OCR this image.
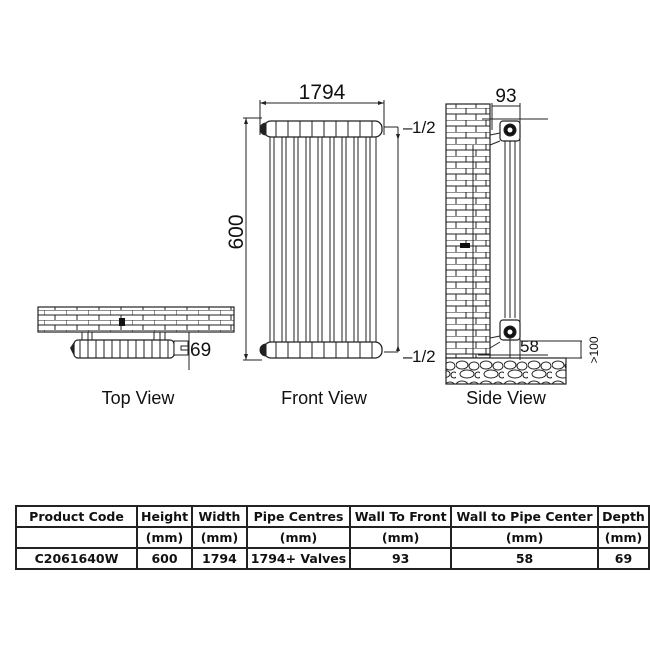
69
1794
600
– 1/2
– 1/2
93
58	>100
Top View	Front View	Side View
Product Code	Height	Width	Pipe Centres	Wall To Front	Wall to Pipe Center	Depth
	(mm)	(mm)	(mm)	(mm)	(mm)	(mm)
C2061640W	600	1794	1794+ Valves	93	58	69
